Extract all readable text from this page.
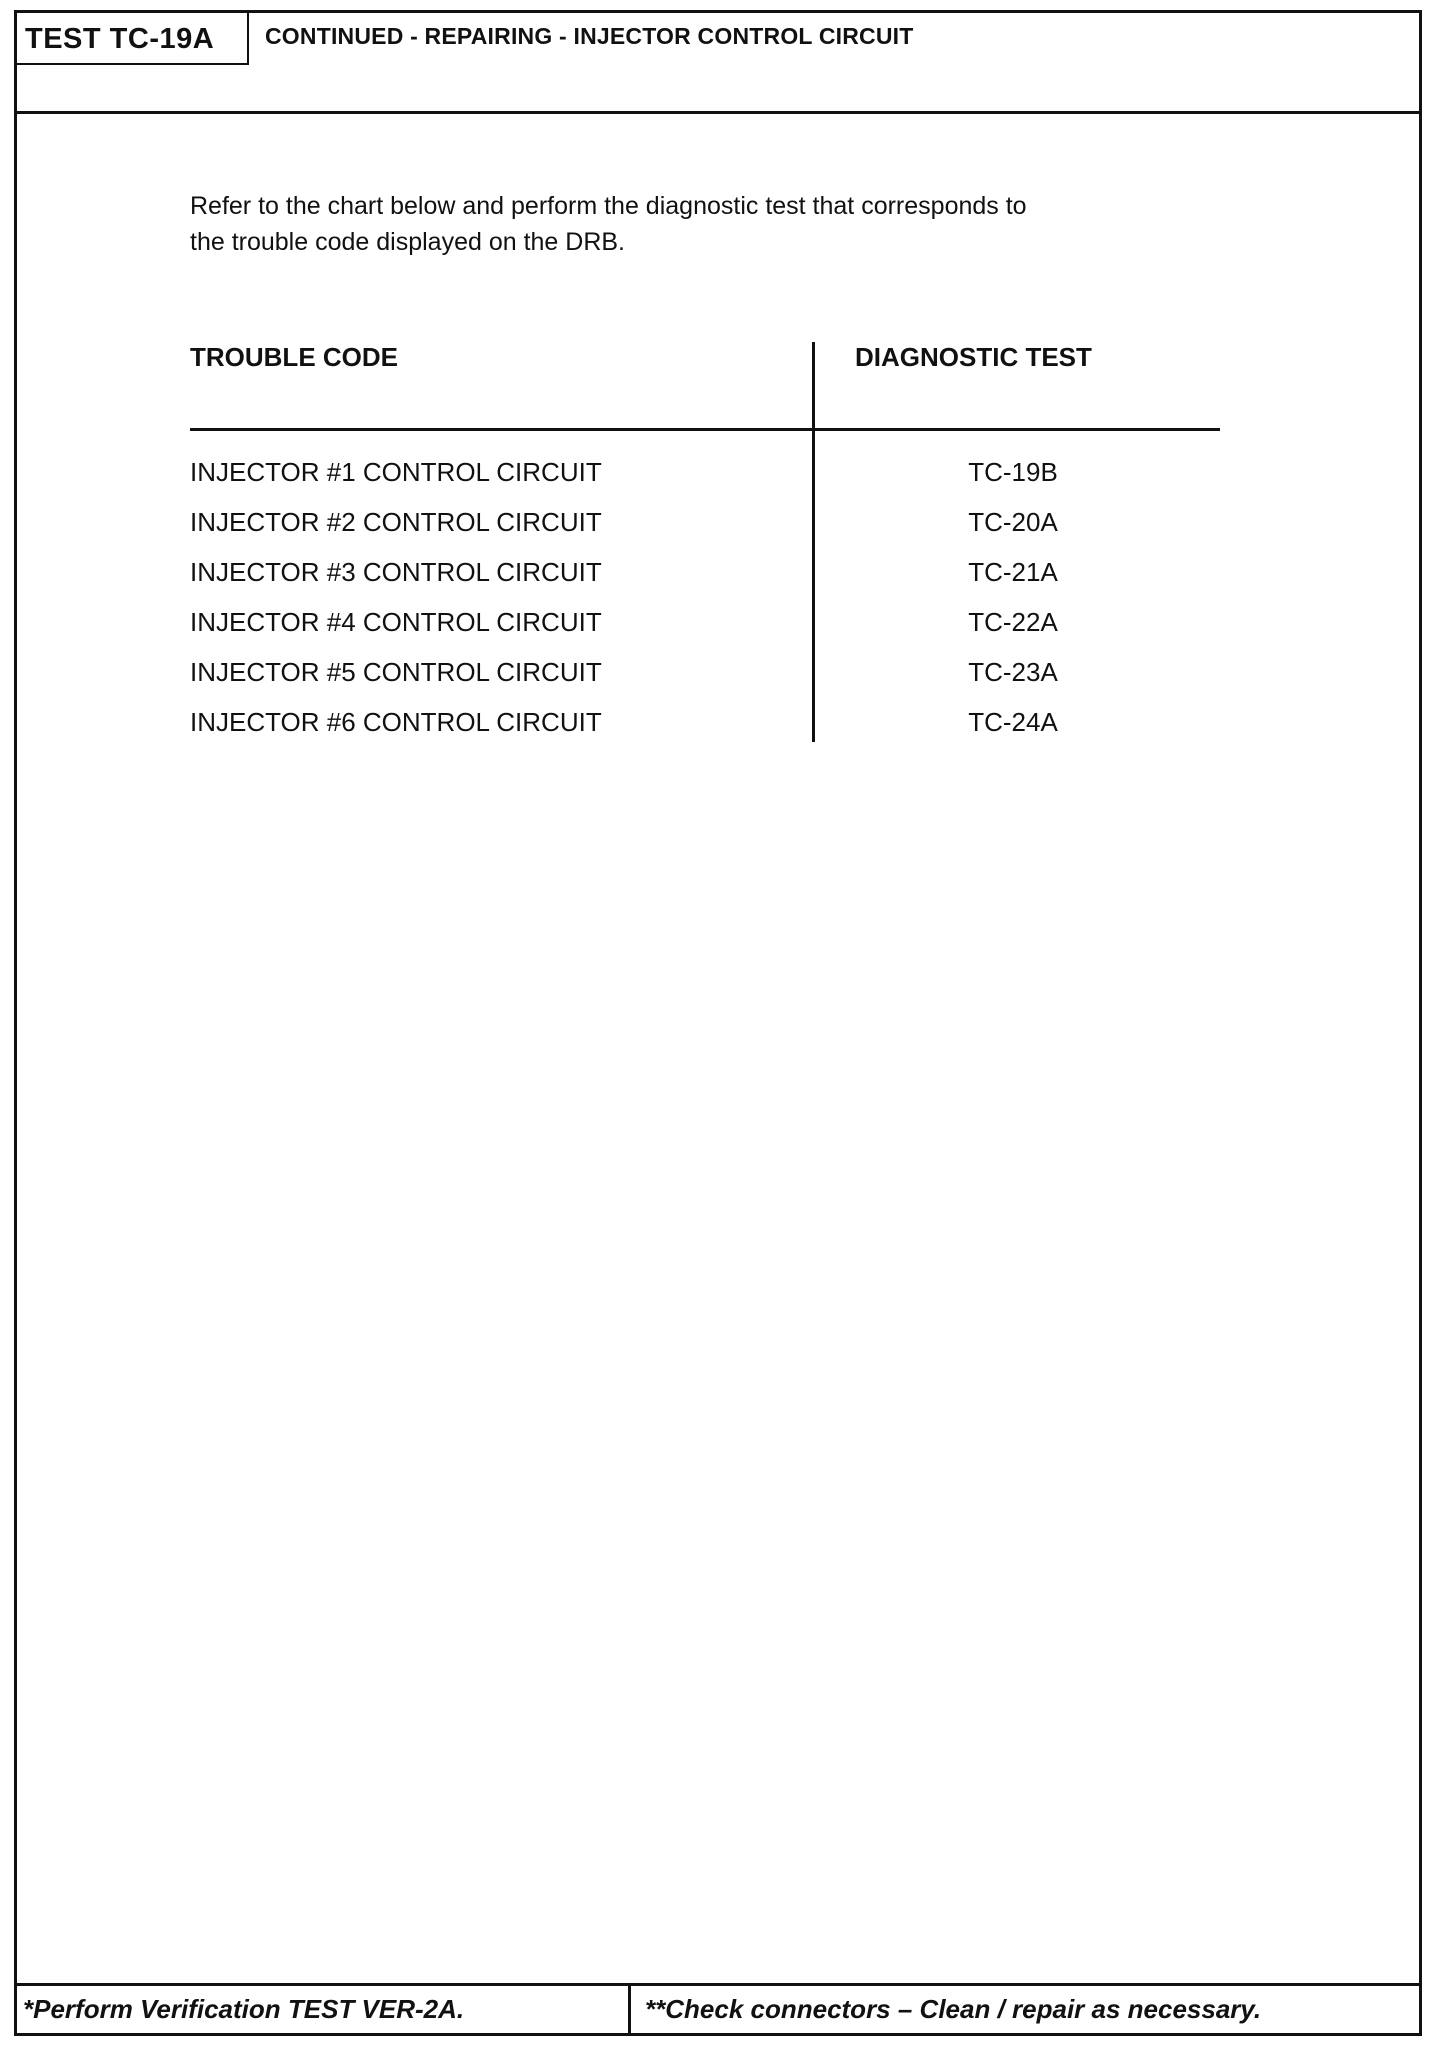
TEST TC-19A	CONTINUED - REPAIRING - INJECTOR CONTROL CIRCUIT
Refer to the chart below and perform the diagnostic test that corresponds to
the trouble code displayed on the DRB.
TROUBLE CODE	DIAGNOSTIC TEST
INJECTOR #1 CONTROL CIRCUIT	TC-19B
INJECTOR #2 CONTROL CIRCUIT	TC-20A
INJECTOR #3 CONTROL CIRCUIT	TC-21A
INJECTOR #4 CONTROL CIRCUIT	TC-22A
INJECTOR #5 CONTROL CIRCUIT	TC-23A
INJECTOR #6 CONTROL CIRCUIT	TC-24A
*Perform Verification TEST VER-2A.	**Check connectors – Clean / repair as necessary.
